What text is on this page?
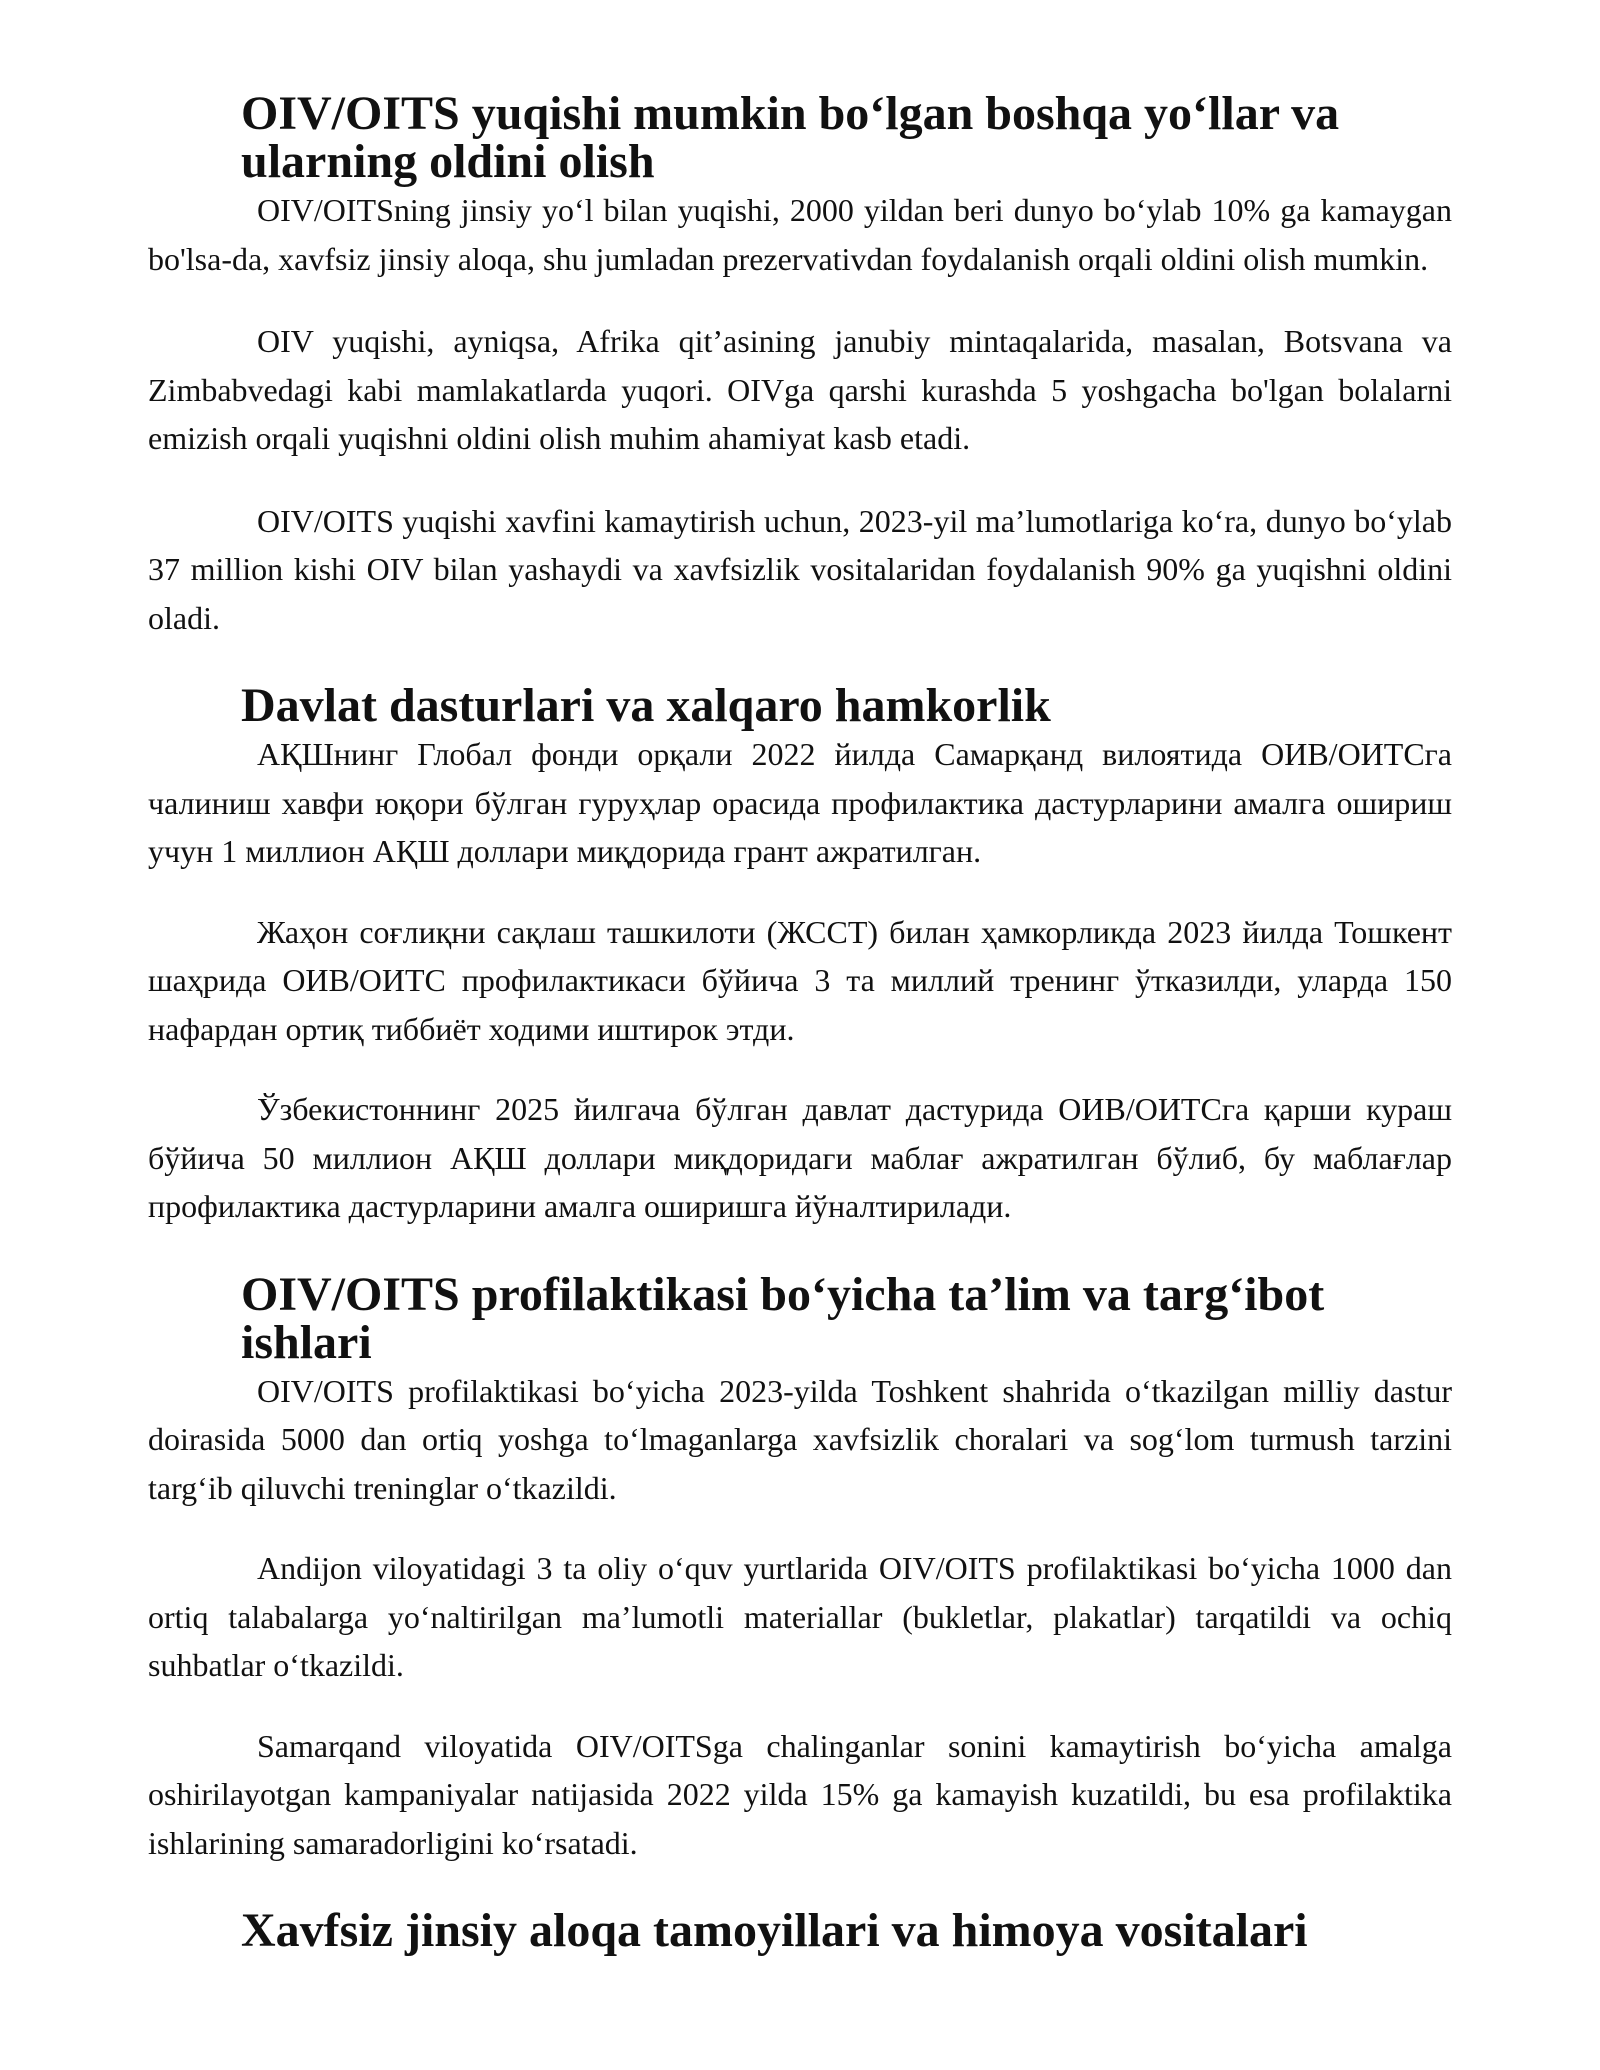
OIV/OITS yuqishi mumkin bo‘lgan boshqa yo‘llar va ularning oldini olish

OIV/OITSning jinsiy yo‘l bilan yuqishi, 2000 yildan beri dunyo bo‘ylab 10% ga kamaygan bo'lsa-da, xavfsiz jinsiy aloqa, shu jumladan prezervativdan foydalanish orqali oldini olish mumkin.

OIV yuqishi, ayniqsa, Afrika qit’asining janubiy mintaqalarida, masalan, Botsvana va Zimbabvedagi kabi mamlakatlarda yuqori. OIVga qarshi kurashda 5 yoshgacha bo'lgan bolalarni emizish orqali yuqishni oldini olish muhim ahamiyat kasb etadi.

OIV/OITS yuqishi xavfini kamaytirish uchun, 2023-yil ma’lumotlariga ko‘ra, dunyo bo‘ylab 37 million kishi OIV bilan yashaydi va xavfsizlik vositalaridan foydalanish 90% ga yuqishni oldini oladi.

Davlat dasturlari va xalqaro hamkorlik

АҚШнинг Глобал фонди орқали 2022 йилда Самарқанд вилоятида ОИВ/ОИТСга чалиниш хавфи юқори бўлган гуруҳлар орасида профилактика дастурларини амалга ошириш учун 1 миллион АҚШ доллари миқдорида грант ажратилган.

Жаҳон соғлиқни сақлаш ташкилоти (ЖССТ) билан ҳамкорликда 2023 йилда Тошкент шаҳрида ОИВ/ОИТС профилактикаси бўйича 3 та миллий тренинг ўтказилди, уларда 150 нафардан ортиқ тиббиёт ходими иштирок этди.

Ўзбекистоннинг 2025 йилгача бўлган давлат дастурида ОИВ/ОИТСга қарши кураш бўйича 50 миллион АҚШ доллари миқдоридаги маблағ ажратилган бўлиб, бу маблағлар профилактика дастурларини амалга оширишга йўналтирилади.

OIV/OITS profilaktikasi bo‘yicha ta’lim va targ‘ibot ishlari

OIV/OITS profilaktikasi bo‘yicha 2023-yilda Toshkent shahrida o‘tkazilgan milliy dastur doirasida 5000 dan ortiq yoshga to‘lmaganlarga xavfsizlik choralari va sog‘lom turmush tarzini targ‘ib qiluvchi treninglar o‘tkazildi.

Andijon viloyatidagi 3 ta oliy o‘quv yurtlarida OIV/OITS profilaktikasi bo‘yicha 1000 dan ortiq talabalarga yo‘naltirilgan ma’lumotli materiallar (bukletlar, plakatlar) tarqatildi va ochiq suhbatlar o‘tkazildi.

Samarqand viloyatida OIV/OITSga chalinganlar sonini kamaytirish bo‘yicha amalga oshirilayotgan kampaniyalar natijasida 2022 yilda 15% ga kamayish kuzatildi, bu esa profilaktika ishlarining samaradorligini ko‘rsatadi.

Xavfsiz jinsiy aloqa tamoyillari va himoya vositalari
